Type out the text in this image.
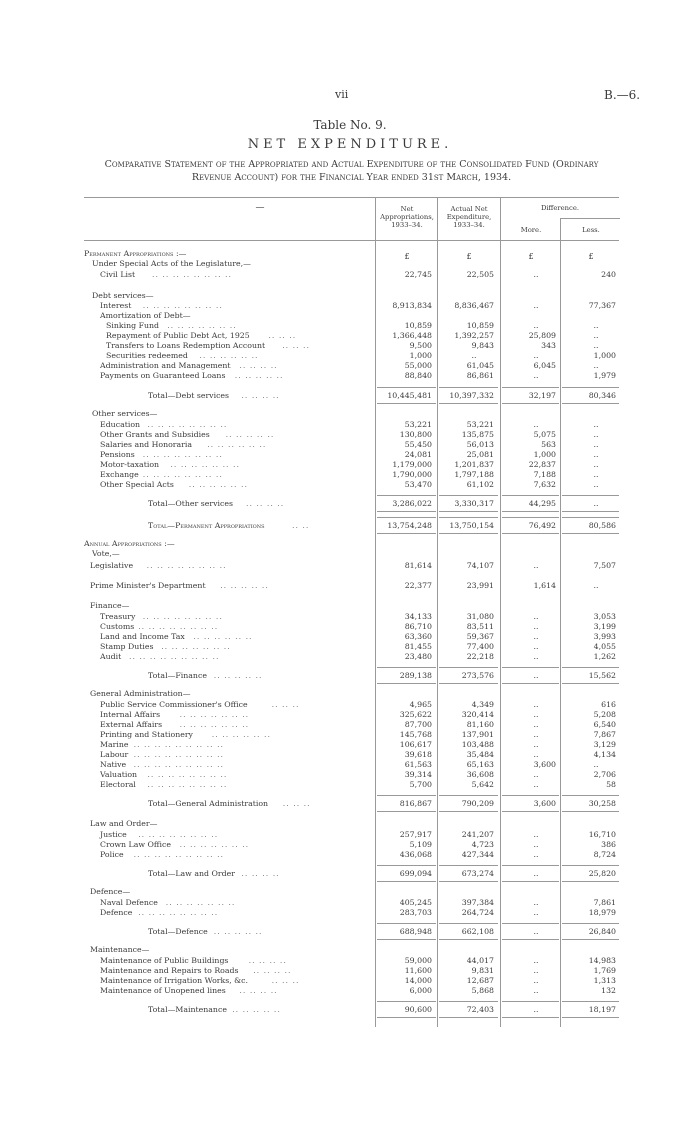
vii	B.—6.
Table No. 9.
NET EXPENDITURE.
Comparative Statement of the Appropriated and Actual Expenditure of the Consolidated Fund (Ordinary Revenue Account) for the Financial Year ended 31st March, 1934.
—	Net Appropriations, 1933–34.
Actual Net Expenditure, 1933–34.
Difference.
More.	Less.
£	£	£	£
Permanent Appropriations :—
Under Special Acts of the Legislature,—
Civil List .. .. .. .. .. .. .. ..	22,745	22,505	..	240
Debt services—
Interest .. .. .. .. .. .. .. ..	8,913,834	8,836,467	..	77,367
Amortization of Debt—
Sinking Fund .. .. .. .. .. .. ..	10,859	10,859	..	..
Repayment of Public Debt Act, 1925 .. .. ..	1,366,448	1,392,257	25,809	..
Transfers to Loans Redemption Account .. .. ..	9,500	9,843	343	..
Securities redeemed .. .. .. .. .. ..	1,000	..	..	1,000
Administration and Management .. .. .. ..	55,000	61,045	6,045	..
Payments on Guaranteed Loans .. .. .. .. ..	88,840	86,861	..	1,979
Total—Debt services .. .. .. ..	10,445,481	10,397,332	32,197	80,346
Other services—
Education .. .. .. .. .. .. .. ..	53,221	53,221	..	..
Other Grants and Subsidies .. .. .. .. ..	130,800	135,875	5,075	..
Salaries and Honoraria .. .. .. .. .. ..	55,450	56,013	563	..
Pensions .. .. .. .. .. .. .. ..	24,081	25,081	1,000	..
Motor-taxation .. .. .. .. .. .. ..	1,179,000	1,201,837	22,837	..
Exchange .. .. .. .. .. .. .. ..	1,790,000	1,797,188	7,188	..
Other Special Acts .. .. .. .. .. ..	53,470	61,102	7,632	..
Total—Other services .. .. .. ..	3,286,022	3,330,317	44,295	..
Total—Permanent Appropriations	.. ..	13,754,248	13,750,154	76,492	80,586
Annual Appropriations :—
Vote,—
Legislative .. .. .. .. .. .. .. ..	81,614	74,107	..	7,507
Prime Minister's Department .. .. .. .. ..	22,377	23,991	1,614	..
Finance—
Treasury .. .. .. .. .. .. .. ..	34,133	31,080	..	3,053
Customs .. .. .. .. .. .. .. ..	86,710	83,511	..	3,199
Land and Income Tax .. .. .. .. .. ..	63,360	59,367	..	3,993
Stamp Duties .. .. .. .. .. .. ..	81,455	77,400	..	4,055
Audit .. .. .. .. .. .. .. .. ..	23,480	22,218	..	1,262
Total—Finance .. .. .. .. ..	289,138	273,576	..	15,562
General Administration—
Public Service Commissioner's Office	.. .. ..	4,965	4,349	..	616
Internal Affairs .. .. .. .. .. .. ..	325,622	320,414	..	5,208
External Affairs .. .. .. .. .. .. ..	87,700	81,160	..	6,540
Printing and Stationery .. .. .. .. .. ..	145,768	137,901	..	7,867
Marine .. .. .. .. .. .. .. .. ..	106,617	103,488	..	3,129
Labour .. .. .. .. .. .. .. .. ..	39,618	35,484	..	4,134
Native .. .. .. .. .. .. .. .. ..	61,563	65,163	3,600	..
Valuation .. .. .. .. .. .. .. ..	39,314	36,608	..	2,706
Electoral .. .. .. .. .. .. .. ..	5,700	5,642	..	58
Total—General Administration .. .. ..	816,867	790,209	3,600	30,258
Law and Order—
Justice .. .. .. .. .. .. .. ..	257,917	241,207	..	16,710
Crown Law Office .. .. .. .. .. .. ..	5,109	4,723	..	386
Police .. .. .. .. .. .. .. .. ..	436,068	427,344	..	8,724
Total—Law and Order .. .. .. ..	699,094	673,274	..	25,820
Defence—
Naval Defence .. .. .. .. .. .. ..	405,245	397,384	..	7,861
Defence .. .. .. .. .. .. .. ..	283,703	264,724	..	18,979
Total—Defence .. .. .. .. ..	688,948	662,108	..	26,840
Maintenance—
Maintenance of Public Buildings	.. .. .. ..	59,000	44,017	..	14,983
Maintenance and Repairs to Roads .. .. .. ..	11,600	9,831	..	1,769
Maintenance of Irrigation Works, &c.	.. .. ..	14,000	12,687	..	1,313
Maintenance of Unopened lines .. .. .. ..	6,000	5,868	..	132
Total—Maintenance .. .. .. .. ..	90,600	72,403	..	18,197
